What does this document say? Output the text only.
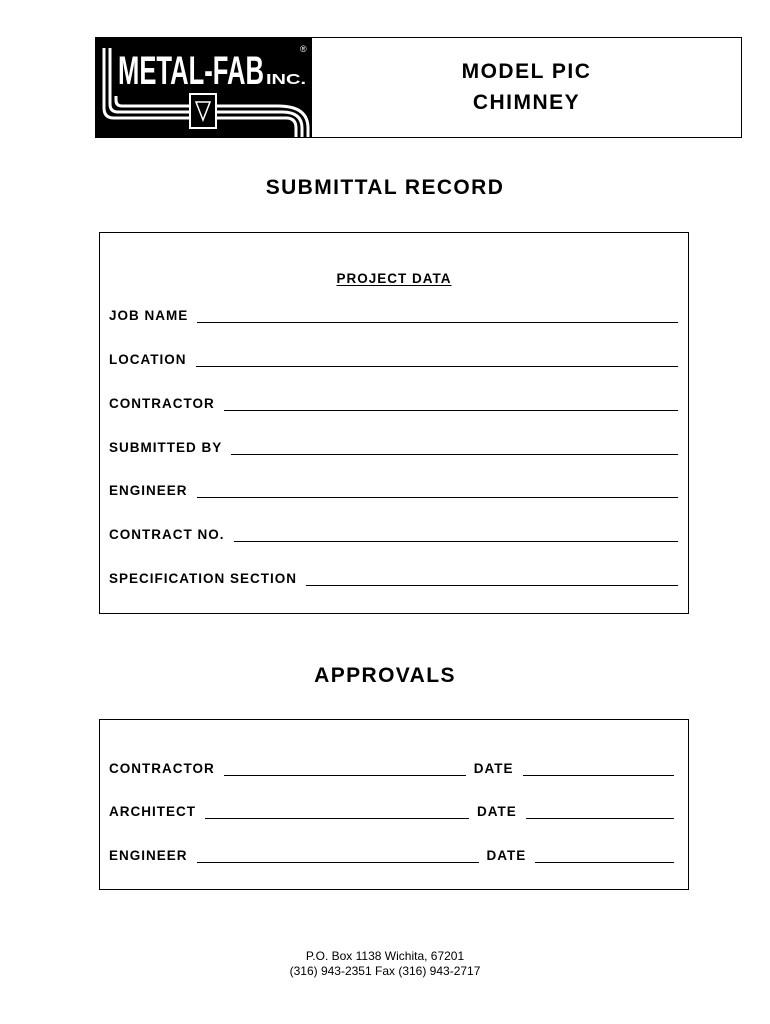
®
METAL-FAB INC.	MODEL PIC
CHIMNEY
SUBMITTAL RECORD
PROJECT DATA
JOB NAME
LOCATION
CONTRACTOR
SUBMITTED BY
ENGINEER
CONTRACT NO.
SPECIFICATION SECTION
APPROVALS
CONTRACTOR	DATE
ARCHITECT	DATE
ENGINEER	DATE
P.O. Box 1138 Wichita, 67201
(316) 943-2351 Fax (316) 943-2717
